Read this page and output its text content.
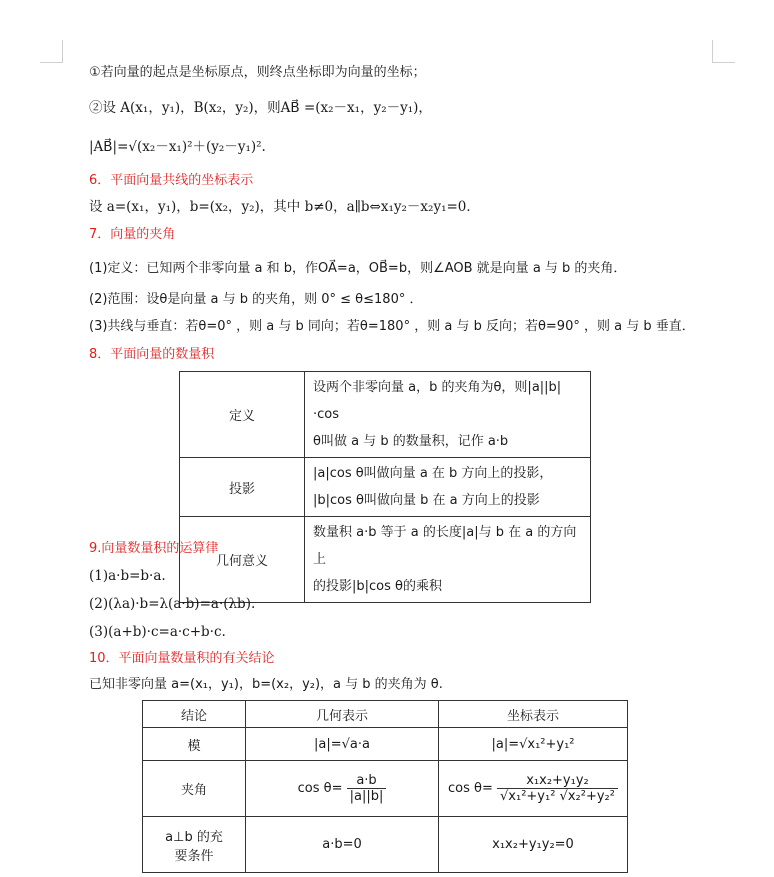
①若向量的起点是坐标原点，则终点坐标即为向量的坐标；
②设 A(x₁，y₁)，B(x₂，y₂)，则AB⃗ =(x₂－x₁，y₂－y₁)，
|AB⃗|=√(x₂－x₁)²＋(y₂－y₁)².
6．平面向量共线的坐标表示
设 a=(x₁，y₁)，b=(x₂，y₂)，其中 b≠0，a∥b⇔x₁y₂－x₂y₁=0．
7．向量的夹角
(1)定义：已知两个非零向量 a 和 b，作OA⃗=a，OB⃗=b，则∠AOB 就是向量 a 与 b 的夹角．
(2)范围：设θ是向量 a 与 b 的夹角，则 0° ≤ θ≤180° ．
(3)共线与垂直：若θ=0° ，则 a 与 b 同向；若θ=180° ，则 a 与 b 反向；若θ=90° ，则 a 与 b 垂直．
8．平面向量的数量积
定义	设两个非零向量 a，b 的夹角为θ，则|a||b|·cos
θ叫做 a 与 b 的数量积，记作 a·b

投影	|a|cos θ叫做向量 a 在 b 方向上的投影，
|b|cos θ叫做向量 b 在 a 方向上的投影

几何意义	数量积 a·b 等于 a 的长度|a|与 b 在 a 的方向上
的投影|b|cos θ的乘积
9.向量数量积的运算律
(1)a·b=b·a.
(2)(λa)·b=λ(a·b)=a·(λb).
(3)(a+b)·c=a·c+b·c.
10．平面向量数量积的有关结论
已知非零向量 a=(x₁，y₁)，b=(x₂，y₂)，a 与 b 的夹角为 θ.
结论	几何表示	坐标表示
模	|a|=√a·a	|a|=√x₁²+y₁²
夹角	$\cos \theta= \frac{a\cdot b}{|a||b|}$	$\cos \theta= \frac{\text{x₁x₂+y₁y₂}}{\text{√x₁²+y₁² √x₂²+y₂²}}$

a⊥b 的充
要条件	a·b=0	x₁x₂+y₁y₂=0
